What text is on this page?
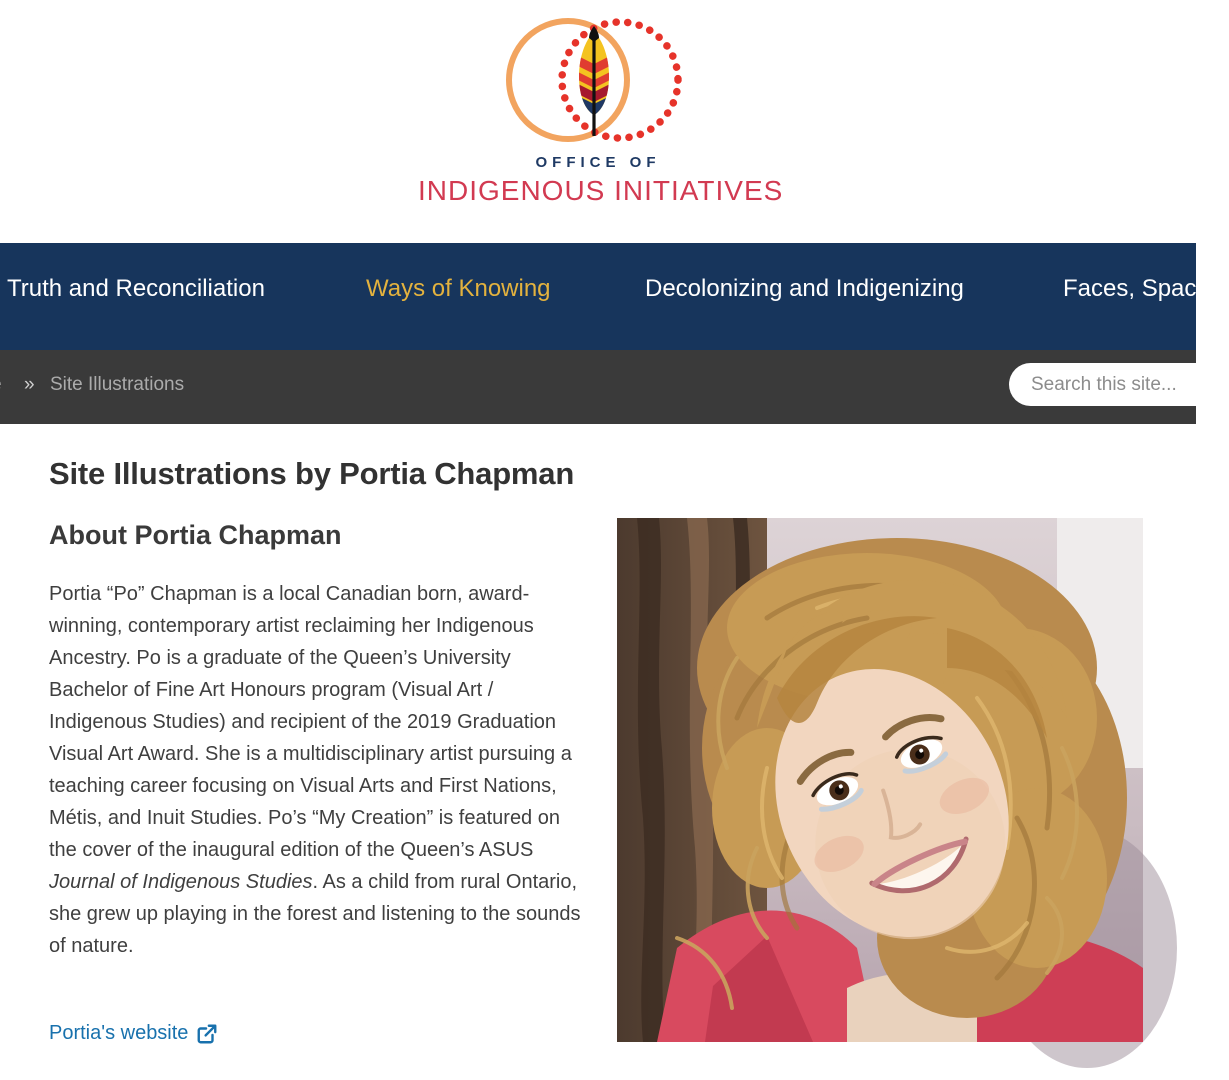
OFFICE OF
INDIGENOUS INITIATIVES
Truth and Reconciliation	Ways of Knowing	Decolonizing and Indigenizing	Faces, Space
» Site Illustrations
Search this site...
Site Illustrations by Portia Chapman
About Portia Chapman

Portia “Po” Chapman is a local Canadian born, award-winning, contemporary artist reclaiming her Indigenous Ancestry. Po is a graduate of the Queen’s University Bachelor of Fine Art Honours program (Visual Art / Indigenous Studies) and recipient of the 2019 Graduation Visual Art Award. She is a multidisciplinary artist pursuing a teaching career focusing on Visual Arts and First Nations, Métis, and Inuit Studies. Po’s “My Creation” is featured on the cover of the inaugural edition of the Queen’s ASUS Journal of Indigenous Studies. As a child from rural Ontario, she grew up playing in the forest and listening to the sounds of nature.

Portia's website
